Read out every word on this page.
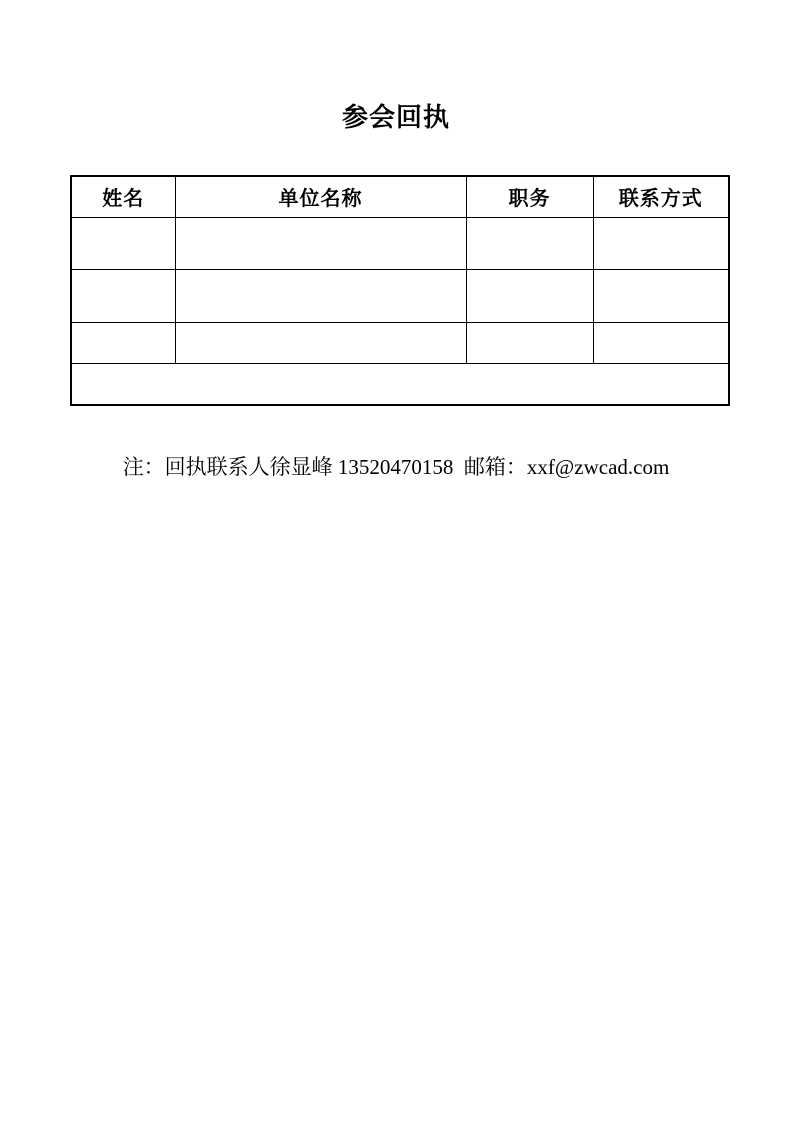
参会回执
姓名	单位名称	职务	联系方式

注：回执联系人徐显峰 13520470158  邮箱：xxf@zwcad.com
